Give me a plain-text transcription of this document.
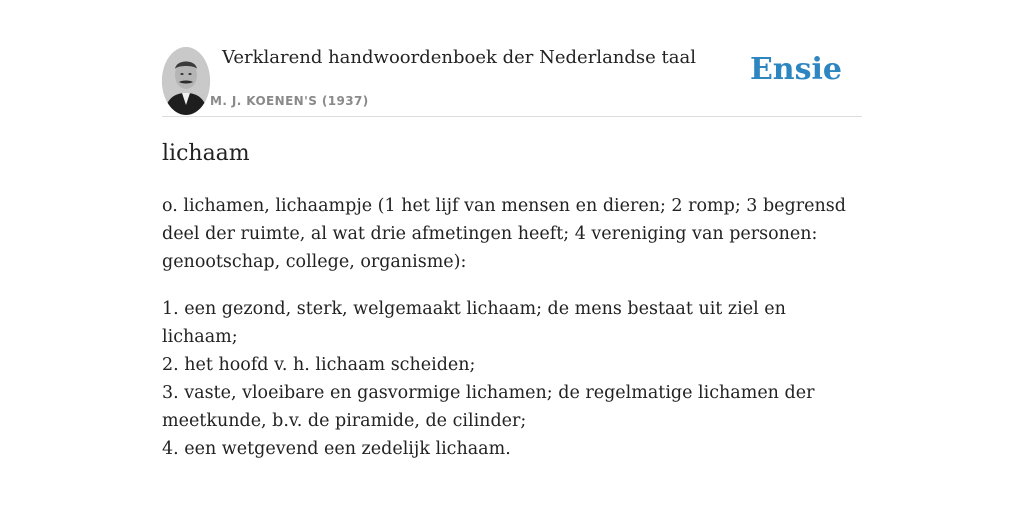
Verklarend handwoordenboek der Nederlandse taal
M. J. KOENEN'S (1937)
Ensie
lichaam
o. lichamen, lichaampje (1 het lijf van mensen en dieren; 2 romp; 3 begrensd deel der ruimte, al wat drie afmetingen heeft; 4 vereniging van personen: genootschap, college, organisme):
1. een gezond, sterk, welgemaakt lichaam; de mens bestaat uit ziel en lichaam;
2. het hoofd v. h. lichaam scheiden;
3. vaste, vloeibare en gasvormige lichamen; de regelmatige lichamen der meetkunde, b.v. de piramide, de cilinder;
4. een wetgevend een zedelijk lichaam.
